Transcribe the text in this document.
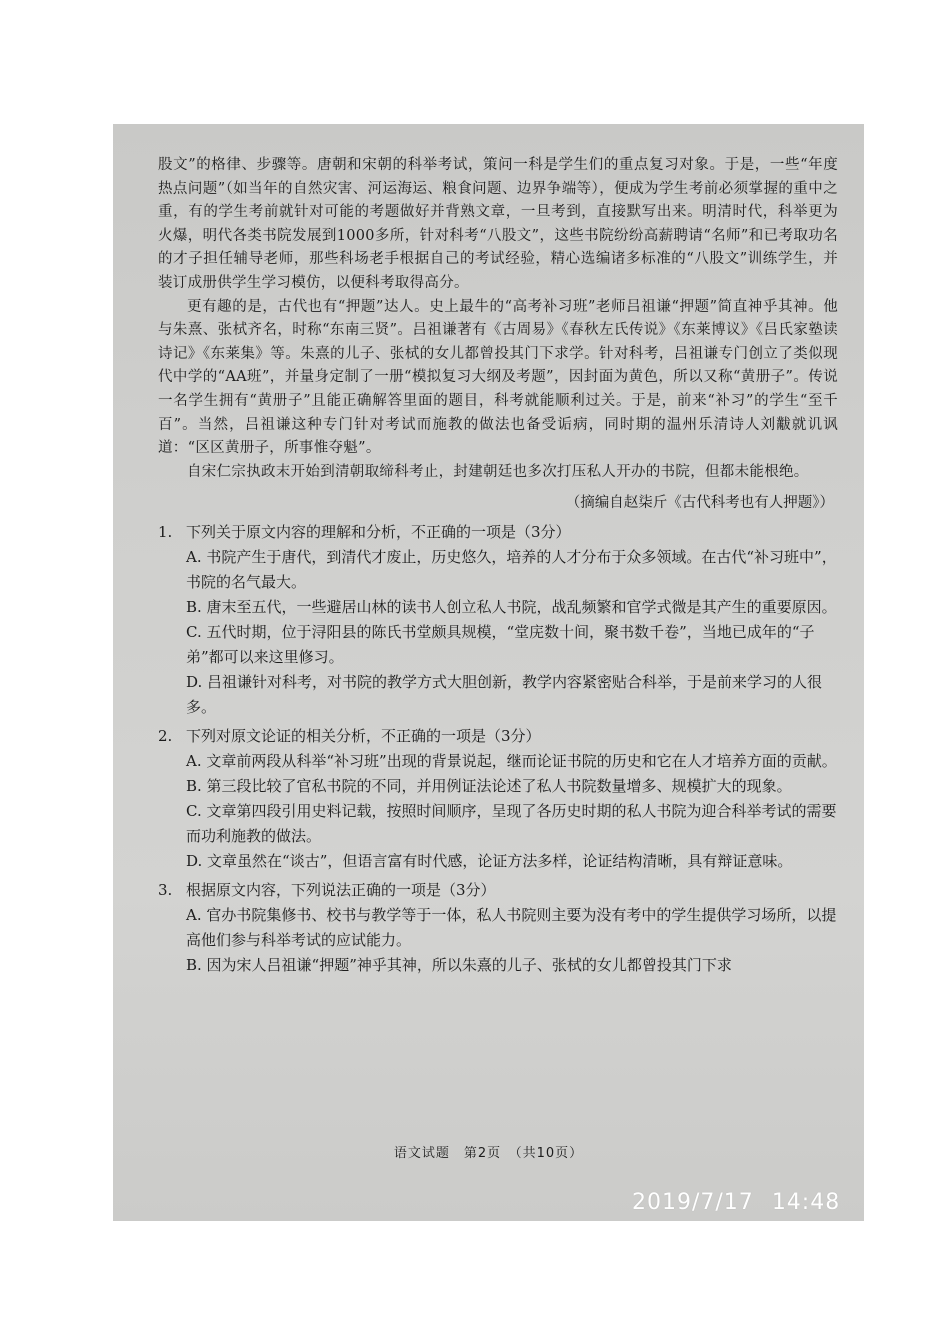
股文”的格律、步骤等。唐朝和宋朝的科举考试，策问一科是学生们的重点复习对象。于是，一些“年度热点问题”（如当年的自然灾害、河运海运、粮食问题、边界争端等），便成为学生考前必须掌握的重中之重，有的学生考前就针对可能的考题做好并背熟文章，一旦考到，直接默写出来。明清时代，科举更为火爆，明代各类书院发展到1000多所，针对科考“八股文”，这些书院纷纷高薪聘请“名师”和已考取功名的才子担任辅导老师，那些科场老手根据自己的考试经验，精心选编诸多标准的“八股文”训练学生，并装订成册供学生学习模仿，以便科考取得高分。

更有趣的是，古代也有“押题”达人。史上最牛的“高考补习班”老师吕祖谦“押题”简直神乎其神。他与朱熹、张栻齐名，时称“东南三贤”。吕祖谦著有《古周易》《春秋左氏传说》《东莱博议》《吕氏家塾读诗记》《东莱集》等。朱熹的儿子、张栻的女儿都曾投其门下求学。针对科考，吕祖谦专门创立了类似现代中学的“AA班”，并量身定制了一册“模拟复习大纲及考题”，因封面为黄色，所以又称“黄册子”。传说一名学生拥有“黄册子”且能正确解答里面的题目，科考就能顺利过关。于是，前来“补习”的学生“至千百”。当然，吕祖谦这种专门针对考试而施教的做法也备受诟病，同时期的温州乐清诗人刘黻就讥讽道：“区区黄册子，所事惟夺魁”。

自宋仁宗执政末开始到清朝取缔科考止，封建朝廷也多次打压私人开办的书院，但都未能根绝。

（摘编自赵柒斤《古代科考也有人押题》）

1. 下列关于原文内容的理解和分析，不正确的一项是（3分）

A. 书院产生于唐代，到清代才废止，历史悠久，培养的人才分布于众多领域。在古代“补习班中”，书院的名气最大。

B. 唐末至五代，一些避居山林的读书人创立私人书院，战乱频繁和官学式微是其产生的重要原因。

C. 五代时期，位于浔阳县的陈氏书堂颇具规模，“堂庑数十间，聚书数千卷”，当地已成年的“子弟”都可以来这里修习。

D. 吕祖谦针对科考，对书院的教学方式大胆创新，教学内容紧密贴合科举，于是前来学习的人很多。

2. 下列对原文论证的相关分析，不正确的一项是（3分）

A. 文章前两段从科举“补习班”出现的背景说起，继而论证书院的历史和它在人才培养方面的贡献。

B. 第三段比较了官私书院的不同，并用例证法论述了私人书院数量增多、规模扩大的现象。

C. 文章第四段引用史料记载，按照时间顺序，呈现了各历史时期的私人书院为迎合科举考试的需要而功利施教的做法。

D. 文章虽然在“谈古”，但语言富有时代感，论证方法多样，论证结构清晰，具有辩证意味。

3. 根据原文内容，下列说法正确的一项是（3分）

A. 官办书院集修书、校书与教学等于一体，私人书院则主要为没有考中的学生提供学习场所，以提高他们参与科举考试的应试能力。

B. 因为宋人吕祖谦“押题”神乎其神，所以朱熹的儿子、张栻的女儿都曾投其门下求

语文试题　第2页　（共10页）
2019/7/17 14:48
